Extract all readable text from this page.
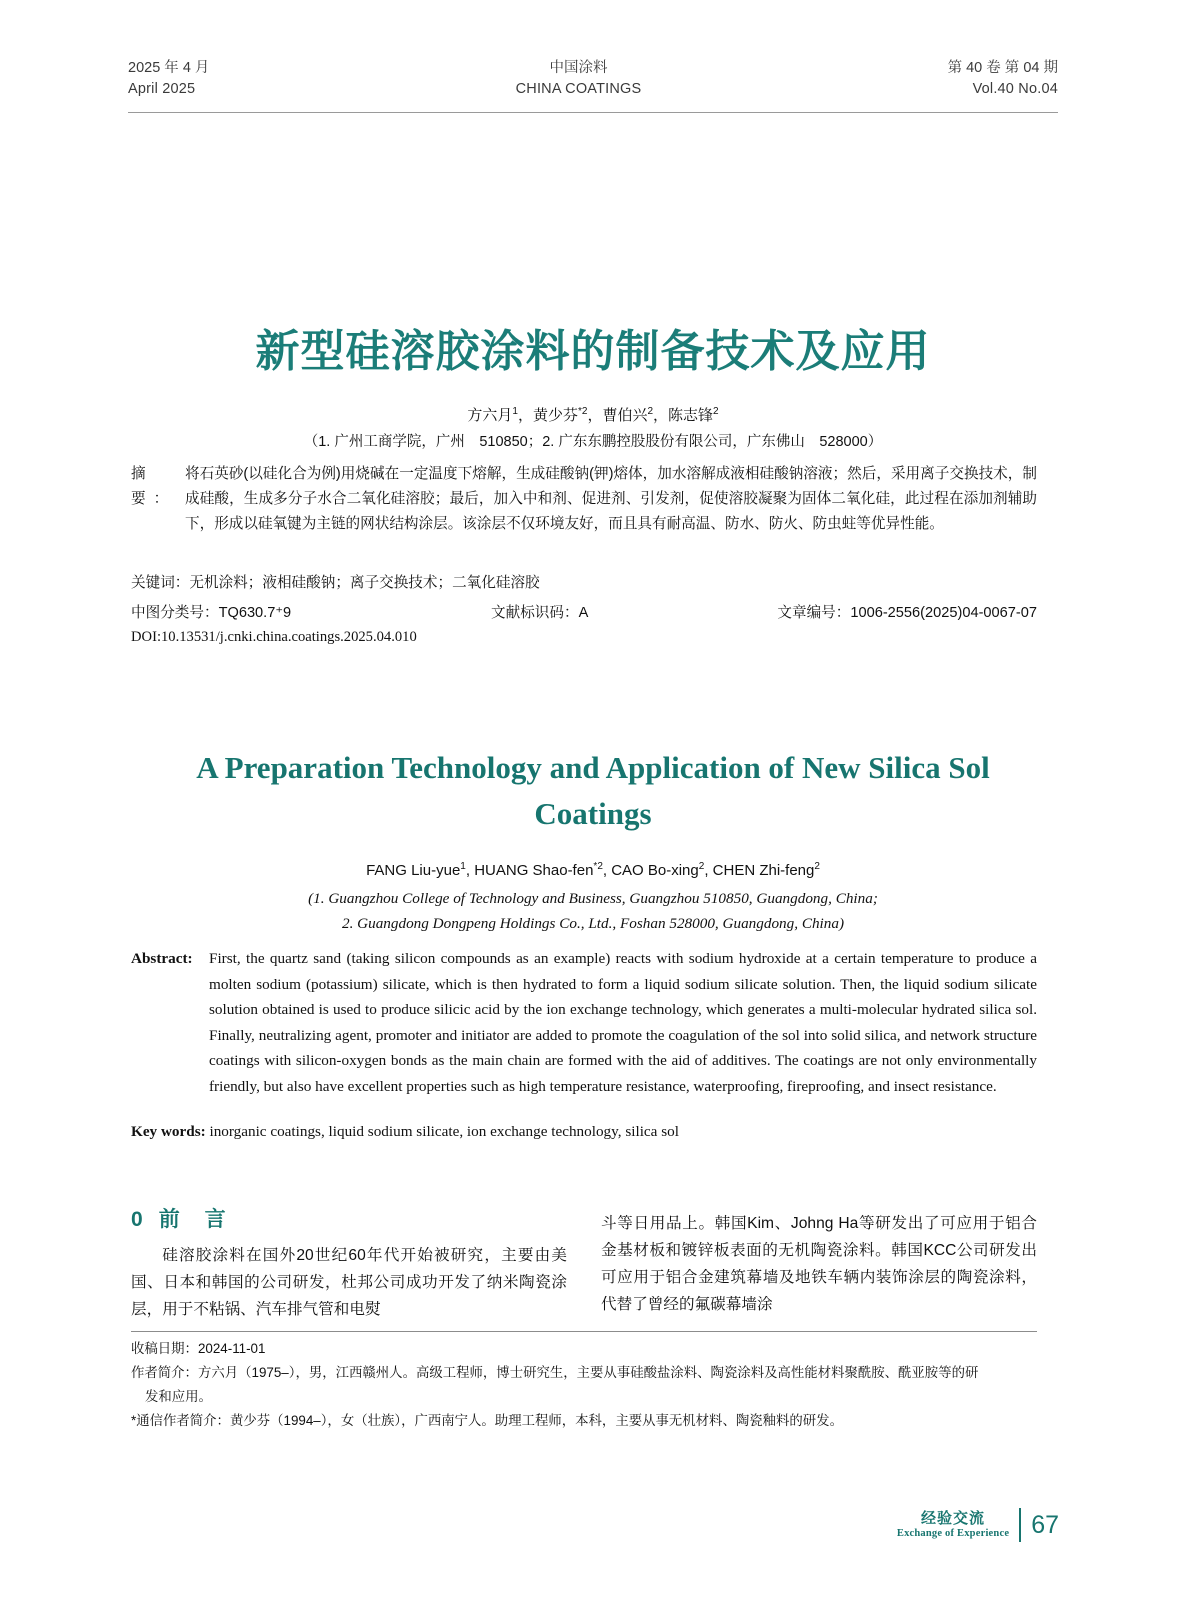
2025 年 4 月
April 2025
中国涂料
CHINA COATINGS
第 40 卷 第 04 期
Vol.40 No.04
新型硅溶胶涂料的制备技术及应用
方六月$^1$，黄少芬$^{*2}$，曹伯兴$^2$，陈志锋$^2$
（1. 广州工商学院，广州　510850；2. 广东东鹏控股股份有限公司，广东佛山　528000）
摘　要：
将石英砂(以硅化合为例)用烧碱在一定温度下熔解，生成硅酸钠(钾)熔体，加水溶解成液相硅酸钠溶液；然后，采用离子交换技术，制成硅酸，生成多分子水合二氧化硅溶胶；最后，加入中和剂、促进剂、引发剂，促使溶胶凝聚为固体二氧化硅，此过程在添加剂辅助下，形成以硅氧键为主链的网状结构涂层。该涂层不仅环境友好，而且具有耐高温、防水、防火、防虫蛀等优异性能。
关键词：无机涂料；液相硅酸钠；离子交换技术；二氧化硅溶胶
中图分类号：TQ630.7⁺9	文献标识码：A	文章编号：1006-2556(2025)04-0067-07
DOI:10.13531/j.cnki.china.coatings.2025.04.010
A Preparation Technology and Application of New Silica Sol Coatings
FANG Liu-yue$^1$, HUANG Shao-fen$^{*2}$, CAO Bo-xing$^2$, CHEN Zhi-feng$^2$
(1. Guangzhou College of Technology and Business, Guangzhou 510850, Guangdong, China;
2. Guangdong Dongpeng Holdings Co., Ltd., Foshan 528000, Guangdong, China)
Abstract:	First, the quartz sand (taking silicon compounds as an example) reacts with sodium hydroxide at a certain temperature to produce a molten sodium (potassium) silicate, which is then hydrated to form a liquid sodium silicate solution. Then, the liquid sodium silicate solution obtained is used to produce silicic acid by the ion exchange technology, which generates a multi-molecular hydrated silica sol. Finally, neutralizing agent, promoter and initiator are added to promote the coagulation of the sol into solid silica, and network structure coatings with silicon-oxygen bonds as the main chain are formed with the aid of additives. The coatings are not only environmentally friendly, but also have excellent properties such as high temperature resistance, waterproofing, fireproofing, and insect resistance.
Key words: inorganic coatings, liquid sodium silicate, ion exchange technology, silica sol
0 前　言
硅溶胶涂料在国外20世纪60年代开始被研究，主要由美国、日本和韩国的公司研发，杜邦公司成功开发了纳米陶瓷涂层，用于不粘锅、汽车排气管和电熨
斗等日用品上。韩国Kim、Johng Ha等研发出了可应用于铝合金基材板和镀锌板表面的无机陶瓷涂料。韩国KCC公司研发出可应用于铝合金建筑幕墙及地铁车辆内装饰涂层的陶瓷涂料，代替了曾经的氟碳幕墙涂

收稿日期：2024-11-01

作者简介：方六月（1975–），男，江西赣州人。高级工程师，博士研究生，主要从事硅酸盐涂料、陶瓷涂料及高性能材料聚酰胺、酰亚胺等的研

发和应用。

*通信作者简介：黄少芬（1994–），女（壮族），广西南宁人。助理工程师，本科，主要从事无机材料、陶瓷釉料的研发。

经验交流
Exchange of Experience 67
